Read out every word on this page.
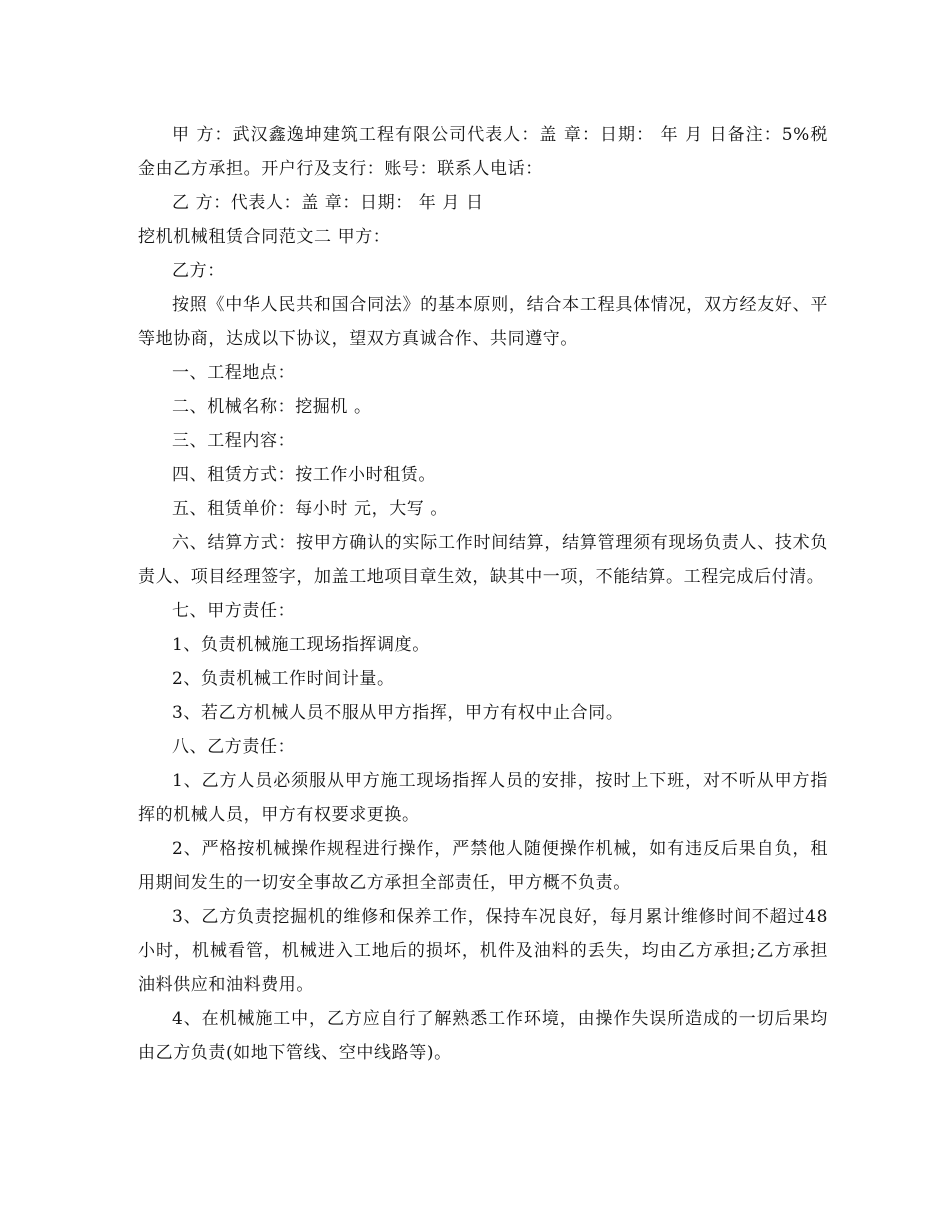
甲 方：武汉鑫逸坤建筑工程有限公司代表人：盖 章：日期： 年 月 日备注：5%税金由乙方承担。开户行及支行：账号：联系人电话：

乙 方：代表人：盖 章：日期： 年 月 日

挖机机械租赁合同范文二 甲方：

乙方：

按照《中华人民共和国合同法》的基本原则，结合本工程具体情况，双方经友好、平等地协商，达成以下协议，望双方真诚合作、共同遵守。

一、工程地点：

二、机械名称：挖掘机 。

三、工程内容：

四、租赁方式：按工作小时租赁。

五、租赁单价：每小时 元，大写 。

六、结算方式：按甲方确认的实际工作时间结算，结算管理须有现场负责人、技术负责人、项目经理签字，加盖工地项目章生效，缺其中一项，不能结算。工程完成后付清。

七、甲方责任：

1、负责机械施工现场指挥调度。

2、负责机械工作时间计量。

3、若乙方机械人员不服从甲方指挥，甲方有权中止合同。

八、乙方责任：

1、乙方人员必须服从甲方施工现场指挥人员的安排，按时上下班，对不听从甲方指挥的机械人员，甲方有权要求更换。

2、严格按机械操作规程进行操作，严禁他人随便操作机械，如有违反后果自负，租用期间发生的一切安全事故乙方承担全部责任，甲方概不负责。

3、乙方负责挖掘机的维修和保养工作，保持车况良好，每月累计维修时间不超过48小时，机械看管，机械进入工地后的损坏，机件及油料的丢失，均由乙方承担;乙方承担油料供应和油料费用。

4、在机械施工中，乙方应自行了解熟悉工作环境，由操作失误所造成的一切后果均由乙方负责(如地下管线、空中线路等)。
